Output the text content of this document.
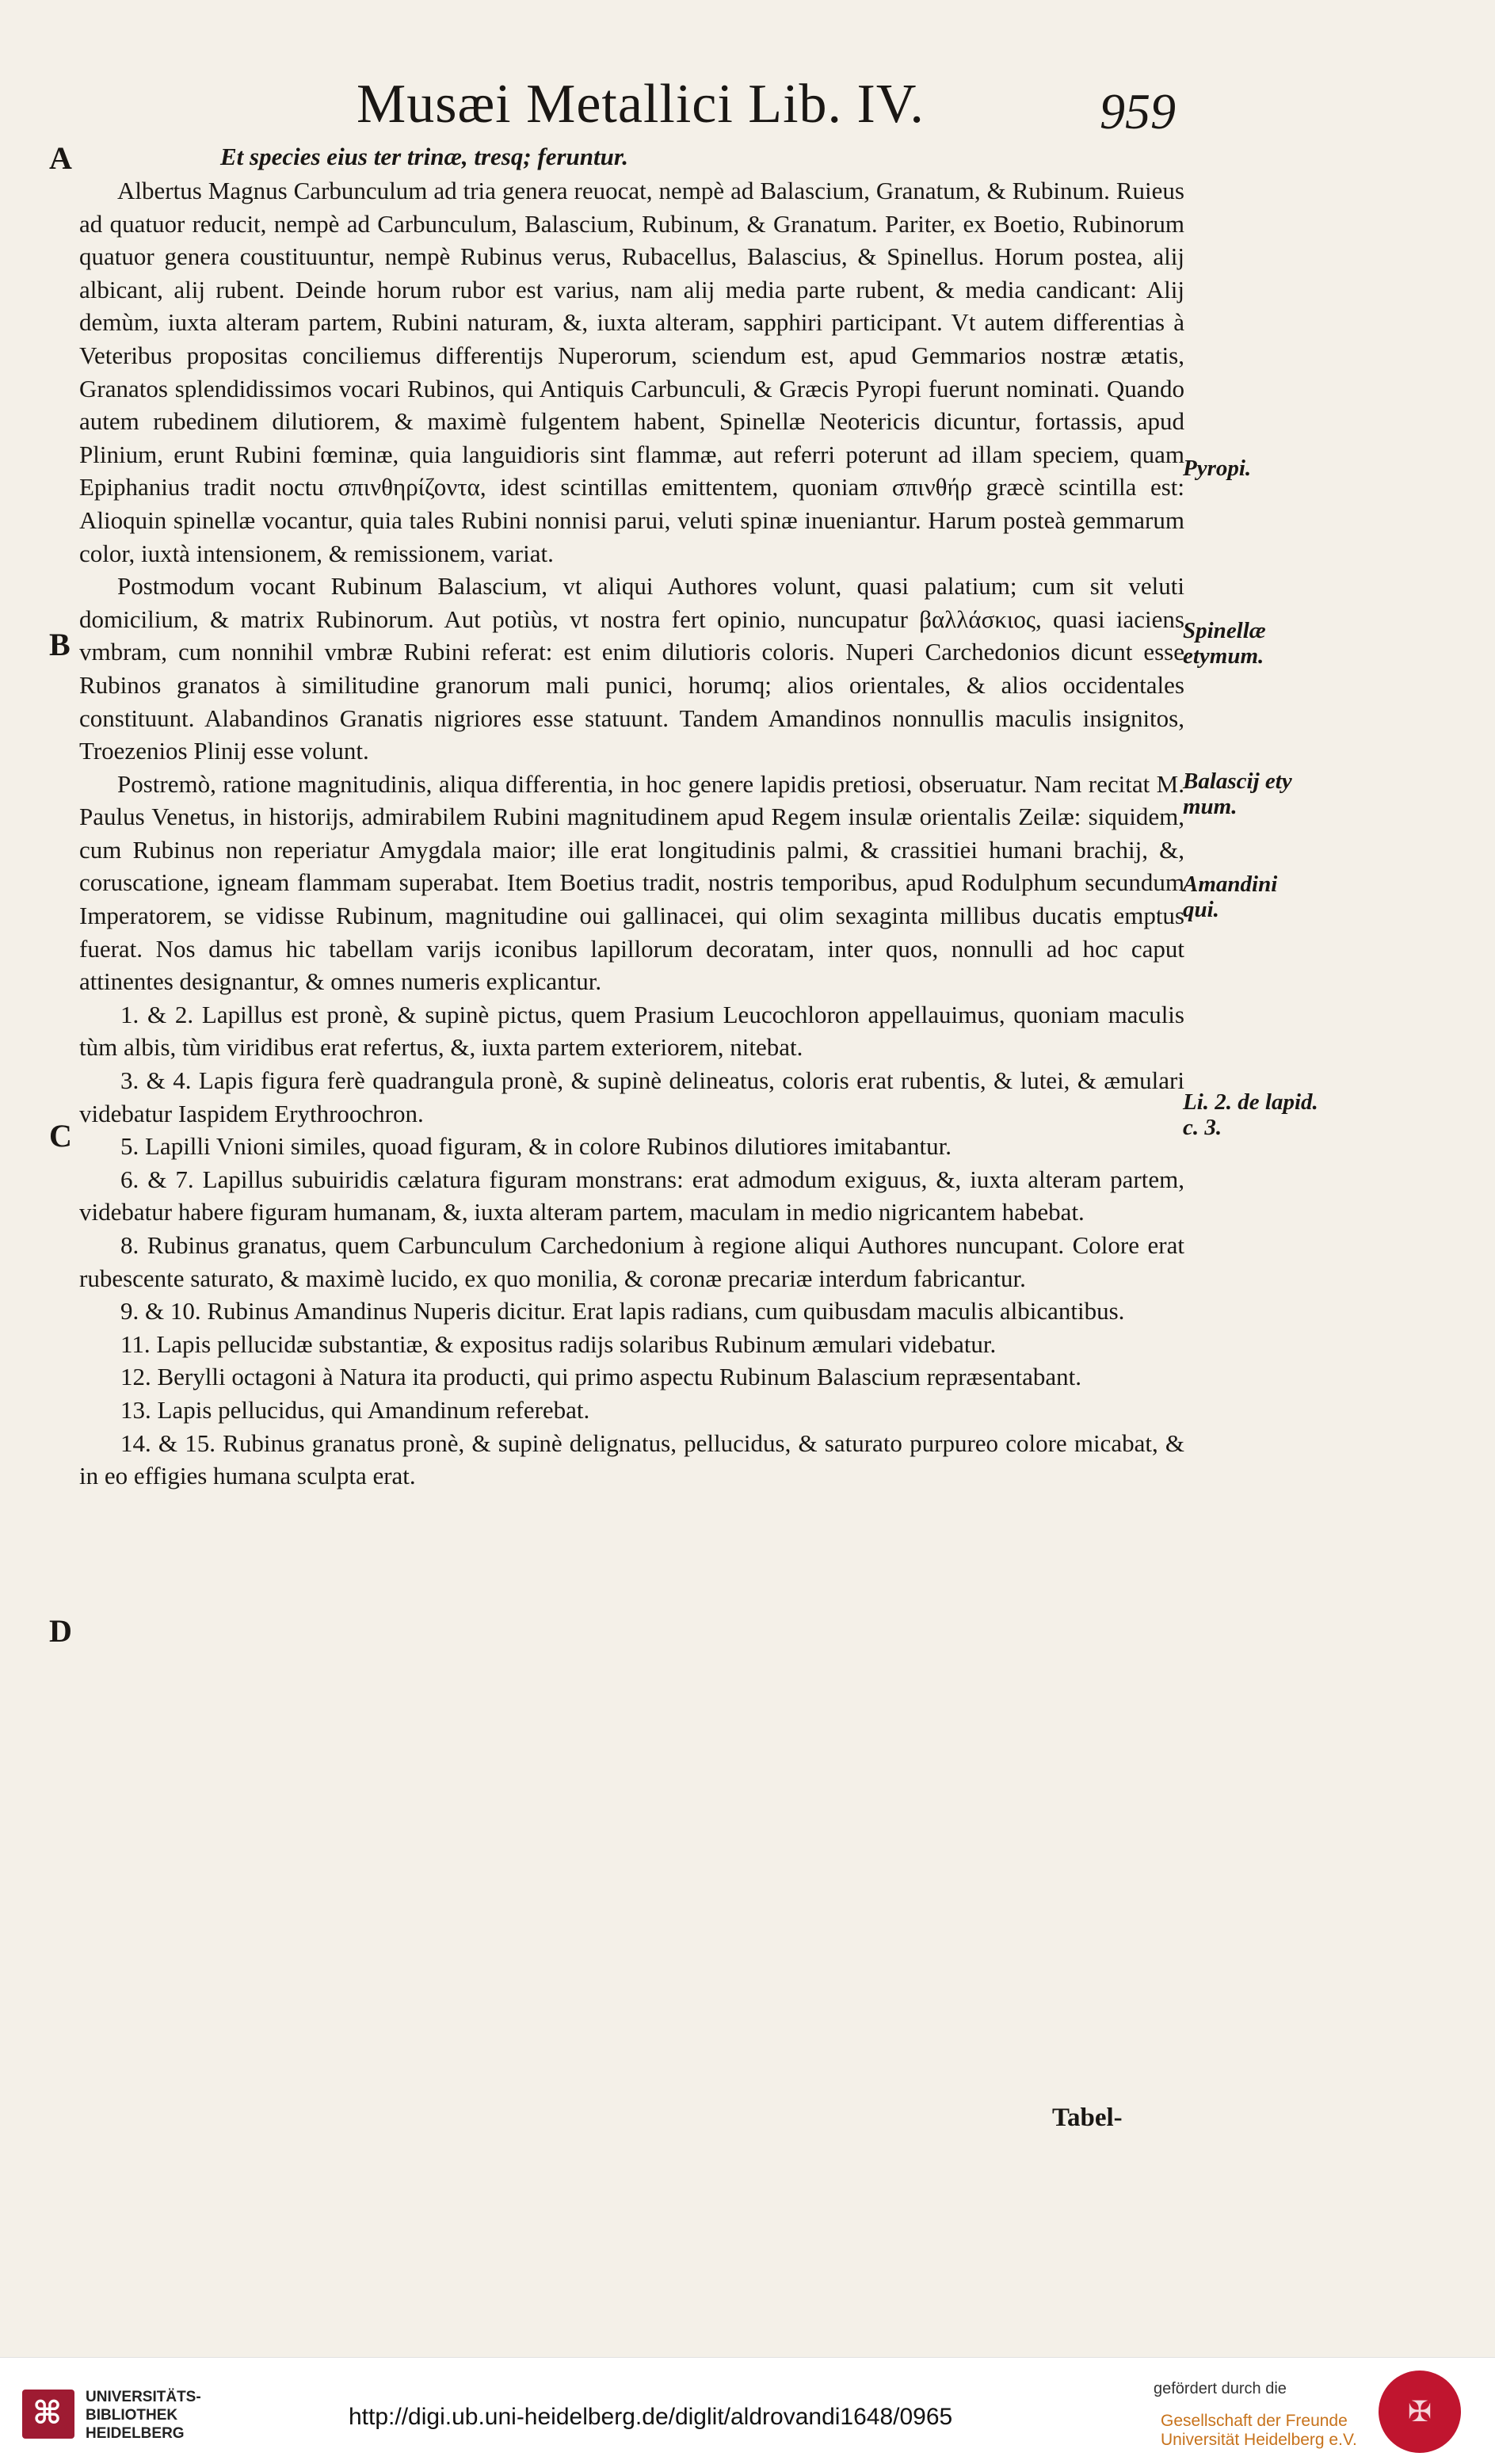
Musæi Metallici Lib. IV.	959
A
B
C
D
Et species eius ter trinæ, tresq; feruntur.

Albertus Magnus Carbunculum ad tria genera reuocat, nempè ad Balascium, Granatum, & Rubinum. Ruieus ad quatuor reducit, nempè ad Carbunculum, Balascium, Rubinum, & Granatum. Pariter, ex Boetio, Rubinorum quatuor genera coustituuntur, nempè Rubinus verus, Rubacellus, Balascius, & Spinellus. Horum postea, alij albicant, alij rubent. Deinde horum rubor est varius, nam alij media parte rubent, & media candicant: Alij demùm, iuxta alteram partem, Rubini naturam, &, iuxta alteram, sapphiri participant. Vt autem differentias à Veteribus propositas conciliemus differentijs Nuperorum, sciendum est, apud Gemmarios nostræ ætatis, Granatos splendidissimos vocari Rubinos, qui Antiquis Carbunculi, & Græcis Pyropi fuerunt nominati. Quando autem rubedinem dilutiorem, & maximè fulgentem habent, Spinellæ Neotericis dicuntur, fortassis, apud Plinium, erunt Rubini fœminæ, quia languidioris sint flammæ, aut referri poterunt ad illam speciem, quam Epiphanius tradit noctu σπινθηρίζοντα, idest scintillas emittentem, quoniam σπινθήρ græcè scintilla est: Alioquin spinellæ vocantur, quia tales Rubini nonnisi parui, veluti spinæ inueniantur. Harum posteà gemmarum color, iuxtà intensionem, & remissionem, variat.

Postmodum vocant Rubinum Balascium, vt aliqui Authores volunt, quasi palatium; cum sit veluti domicilium, & matrix Rubinorum. Aut potiùs, vt nostra fert opinio, nuncupatur βαλλάσκιος, quasi iaciens vmbram, cum nonnihil vmbræ Rubini referat: est enim dilutioris coloris. Nuperi Carchedonios dicunt esse Rubinos granatos à similitudine granorum mali punici, horumq; alios orientales, & alios occidentales constituunt. Alabandinos Granatis nigriores esse statuunt. Tandem Amandinos nonnullis maculis insignitos, Troezenios Plinij esse volunt.

Postremò, ratione magnitudinis, aliqua differentia, in hoc genere lapidis pretiosi, obseruatur. Nam recitat M. Paulus Venetus, in historijs, admirabilem Rubini magnitudinem apud Regem insulæ orientalis Zeilæ: siquidem, cum Rubinus non reperiatur Amygdala maior; ille erat longitudinis palmi, & crassitiei humani brachij, &, coruscatione, igneam flammam superabat. Item Boetius tradit, nostris temporibus, apud Rodulphum secundum Imperatorem, se vidisse Rubinum, magnitudine oui gallinacei, qui olim sexaginta millibus ducatis emptus fuerat. Nos damus hic tabellam varijs iconibus lapillorum decoratam, inter quos, nonnulli ad hoc caput attinentes designantur, & omnes numeris explicantur.

1. & 2. Lapillus est pronè, & supinè pictus, quem Prasium Leucochloron appellauimus, quoniam maculis tùm albis, tùm viridibus erat refertus, &, iuxta partem exteriorem, nitebat.

3. & 4. Lapis figura ferè quadrangula pronè, & supinè delineatus, coloris erat rubentis, & lutei, & æmulari videbatur Iaspidem Erythroochron.

5. Lapilli Vnioni similes, quoad figuram, & in colore Rubinos dilutiores imitabantur.

6. & 7. Lapillus subuiridis cælatura figuram monstrans: erat admodum exiguus, &, iuxta alteram partem, videbatur habere figuram humanam, &, iuxta alteram partem, maculam in medio nigricantem habebat.

8. Rubinus granatus, quem Carbunculum Carchedonium à regione aliqui Authores nuncupant. Colore erat rubescente saturato, & maximè lucido, ex quo monilia, & coronæ precariæ interdum fabricantur.

9. & 10. Rubinus Amandinus Nuperis dicitur. Erat lapis radians, cum quibusdam maculis albicantibus.

11. Lapis pellucidæ substantiæ, & expositus radijs solaribus Rubinum æmulari videbatur.

12. Berylli octagoni à Natura ita producti, qui primo aspectu Rubinum Balascium repræsentabant.

13. Lapis pellucidus, qui Amandinum referebat.

14. & 15. Rubinus granatus pronè, & supinè delignatus, pellucidus, & saturato purpureo colore micabat, & in eo effigies humana sculpta erat.

Pyropi.
Spinellæ etymum.
Balascij ety mum.
Amandini qui.
Li. 2. de lapid. c. 3.
Tabel-
⌘ UNIVERSITÄTS-
BIBLIOTHEK
HEIDELBERG
http://digi.ub.uni-heidelberg.de/diglit/aldrovandi1648/0965
gefördert durch die
Gesellschaft der Freunde
Universität Heidelberg e.V.
✠
